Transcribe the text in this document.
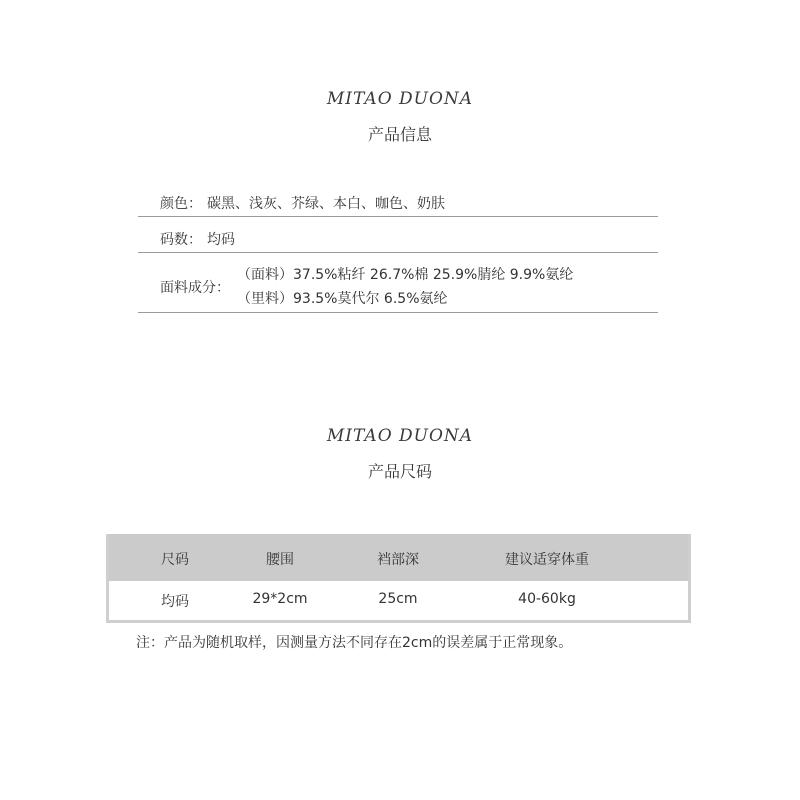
MITAO DUONA
产品信息
颜色： 碳黑、浅灰、芥绿、本白、咖色、奶肤
码数： 均码
面料成分：
（面料）37.5%粘纤 26.7%棉 25.9%腈纶 9.9%氨纶
（里料）93.5%莫代尔 6.5%氨纶
MITAO DUONA
产品尺码
尺码	腰围	裆部深	建议适穿体重
均码	29*2cm	25cm	40-60kg
注：产品为随机取样，因测量方法不同存在2cm的误差属于正常现象。
